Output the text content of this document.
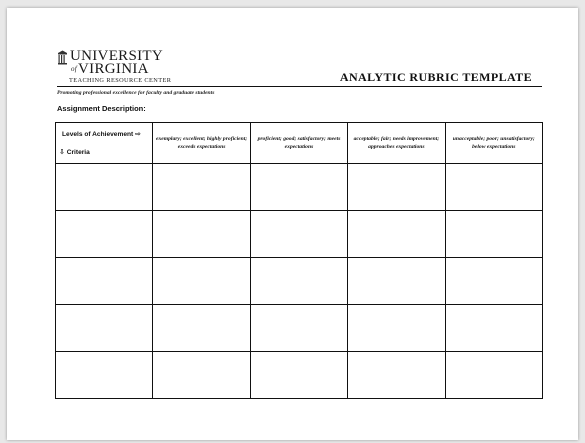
UNIVERSITY
$^{of}$VIRGINIA
TEACHING RESOURCE CENTER	ANALYTIC RUBRIC TEMPLATE
Promoting professional excellence for faculty and graduate students
Assignment Description:
Levels of Achievement ⇨
⇩ Criteria	exemplary; excellent; highly proficient; exceeds expectations	proficient; good; satisfactory; meets expectations	acceptable; fair; needs improvement; approaches expectations	unacceptable; poor; unsatisfactory; below expectations
